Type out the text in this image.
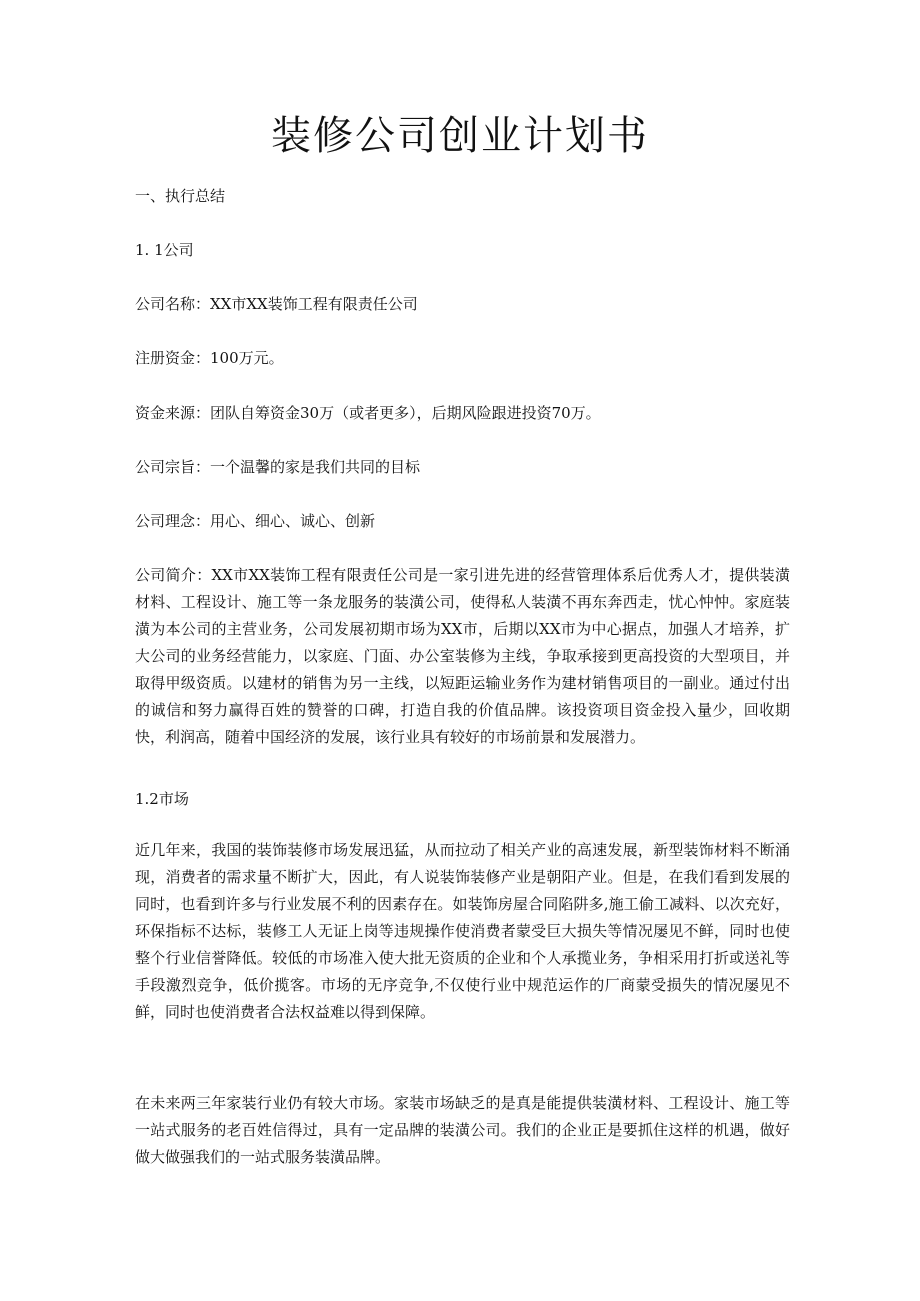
装修公司创业计划书

一、执行总结

1. 1公司

公司名称：XX市XX装饰工程有限责任公司

注册资金：100万元。

资金来源：团队自筹资金30万（或者更多），后期风险跟进投资70万。

公司宗旨：一个温馨的家是我们共同的目标

公司理念：用心、细心、诚心、创新

公司简介：XX市XX装饰工程有限责任公司是一家引进先进的经营管理体系后优秀人才，提供装潢材料、工程设计、施工等一条龙服务的装潢公司，使得私人装潢不再东奔西走，忧心忡忡。家庭装潢为本公司的主营业务，公司发展初期市场为XX市，后期以XX市为中心据点，加强人才培养，扩大公司的业务经营能力，以家庭、门面、办公室装修为主线，争取承接到更高投资的大型项目，并取得甲级资质。以建材的销售为另一主线，以短距运输业务作为建材销售项目的一副业。通过付出的诚信和努力赢得百姓的赞誉的口碑，打造自我的价值品牌。该投资项目资金投入量少，回收期快，利润高，随着中国经济的发展，该行业具有较好的市场前景和发展潜力。

1.2市场

近几年来，我国的装饰装修市场发展迅猛，从而拉动了相关产业的高速发展，新型装饰材料不断涌现，消费者的需求量不断扩大，因此，有人说装饰装修产业是朝阳产业。但是，在我们看到发展的同时，也看到许多与行业发展不利的因素存在。如装饰房屋合同陷阱多,施工偷工减料、以次充好，环保指标不达标，装修工人无证上岗等违规操作使消费者蒙受巨大损失等情况屡见不鲜，同时也使整个行业信誉降低。较低的市场准入使大批无资质的企业和个人承揽业务，争相采用打折或送礼等手段激烈竞争，低价揽客。市场的无序竞争,不仅使行业中规范运作的厂商蒙受损失的情况屡见不鲜，同时也使消费者合法权益难以得到保障。

在未来两三年家装行业仍有较大市场。家装市场缺乏的是真是能提供装潢材料、工程设计、施工等一站式服务的老百姓信得过，具有一定品牌的装潢公司。我们的企业正是要抓住这样的机遇，做好做大做强我们的一站式服务装潢品牌。
